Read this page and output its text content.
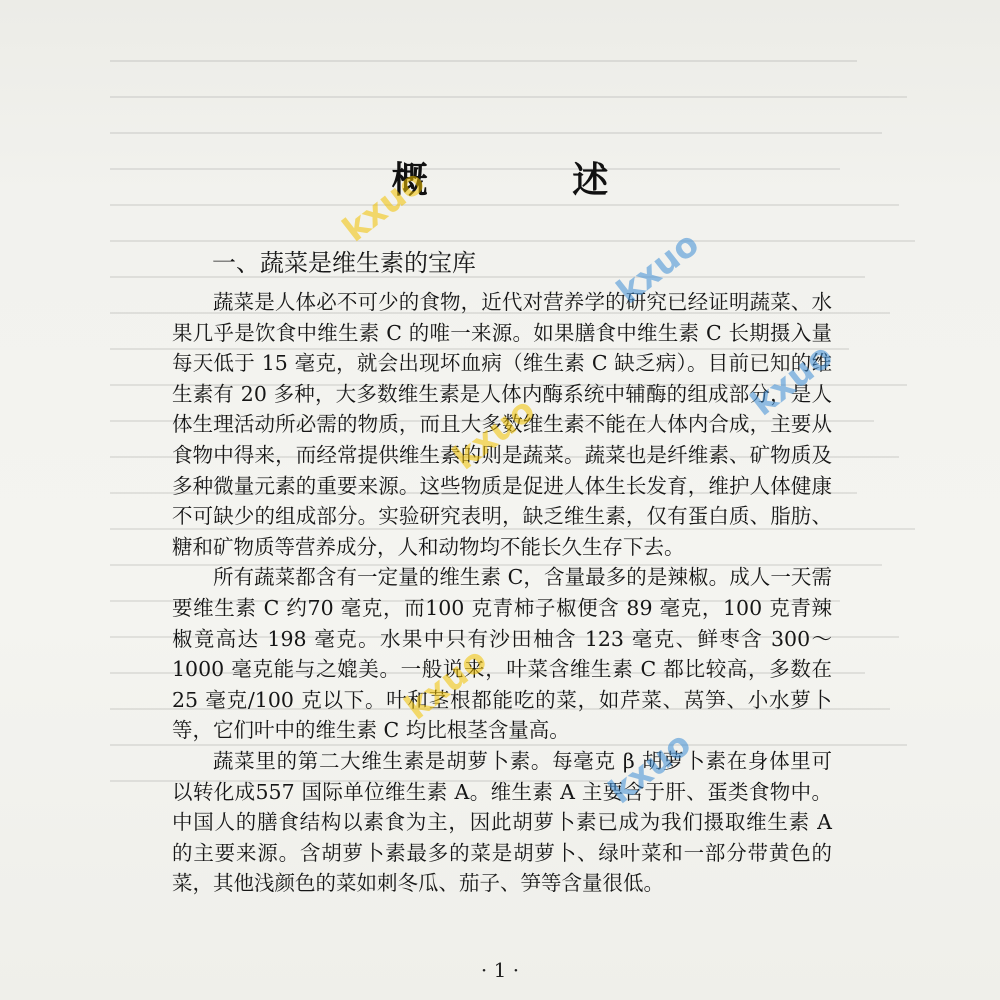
概 述
一、蔬菜是维生素的宝库

蔬菜是人体必不可少的食物，近代对营养学的研究已经证明蔬菜、水果几乎是饮食中维生素 C 的唯一来源。如果膳食中维生素 C 长期摄入量每天低于 15 毫克，就会出现坏血病（维生素 C 缺乏病）。目前已知的维生素有 20 多种，大多数维生素是人体内酶系统中辅酶的组成部分，是人体生理活动所必需的物质，而且大多数维生素不能在人体内合成，主要从食物中得来，而经常提供维生素的则是蔬菜。蔬菜也是纤维素、矿物质及多种微量元素的重要来源。这些物质是促进人体生长发育，维护人体健康不可缺少的组成部分。实验研究表明，缺乏维生素，仅有蛋白质、脂肪、糖和矿物质等营养成分，人和动物均不能长久生存下去。

所有蔬菜都含有一定量的维生素 C，含量最多的是辣椒。成人一天需要维生素 C 约70 毫克，而100 克青柿子椒便含 89 毫克，100 克青辣椒竟高达 198 毫克。水果中只有沙田柚含 123 毫克、鲜枣含 300～1000 毫克能与之媲美。一般说来，叶菜含维生素 C 都比较高，多数在 25 毫克/100 克以下。叶和茎根都能吃的菜，如芹菜、莴笋、小水萝卜等，它们叶中的维生素 C 均比根茎含量高。

蔬菜里的第二大维生素是胡萝卜素。每毫克 β 胡萝卜素在身体里可以转化成557 国际单位维生素 A。维生素 A 主要含于肝、蛋类食物中。中国人的膳食结构以素食为主，因此胡萝卜素已成为我们摄取维生素 A 的主要来源。含胡萝卜素最多的菜是胡萝卜、绿叶菜和一部分带黄色的菜，其他浅颜色的菜如刺冬瓜、茄子、笋等含量很低。

· 1 ·
kxuo
kxuo
kxuo
kxuo
kxuo
kxuo
